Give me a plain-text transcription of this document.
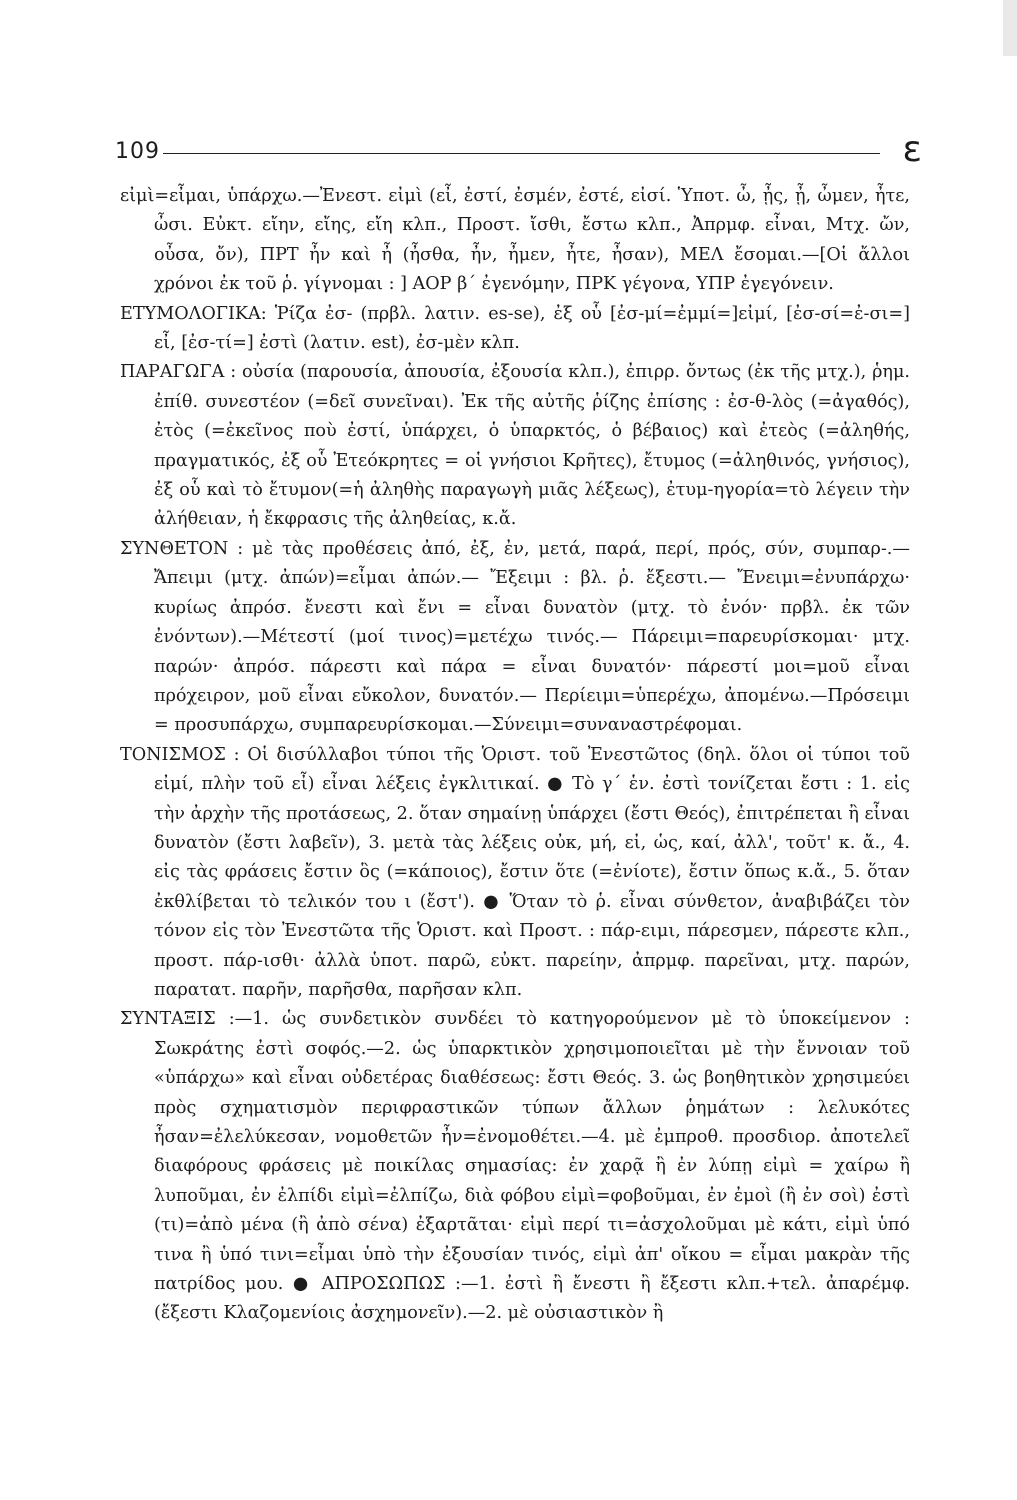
109	ε

εἰμὶ=εἶμαι, ὑπάρχω.—Ἐνεστ. εἰμὶ (εἶ, ἐστί, ἐσμέν, ἐστέ, εἰσί. Ὑποτ. ὦ, ᾖς, ᾖ, ὦμεν, ἦτε, ὦσι. Εὐκτ. εἴην, εἴης, εἴη κλπ., Προστ. ἴσθι, ἔστω κλπ., Ἀπρμφ. εἶναι, Μτχ. ὤν, οὖσα, ὄν), ΠΡΤ ἦν καὶ ἦ (ἦσθα, ἦν, ἦμεν, ἦτε, ἦσαν), ΜΕΛ ἔσομαι.—[Οἱ ἄλλοι χρόνοι ἐκ τοῦ ῥ. γίγνομαι : ] ΑΟΡ β΄ ἐγενόμην, ΠΡΚ γέγονα, ΥΠΡ ἐγεγόνειν.

ΕΤΥΜΟΛΟΓΙΚΑ: Ῥίζα ἐσ- (πρβλ. λατιν. es-se), ἐξ οὗ [ἐσ-μί=ἐμμί=]εἰμί, [ἐσ-σί=ἐ-σι=] εἶ, [ἐσ-τί=] ἐστὶ (λατιν. est), ἐσ-μὲν κλπ.

ΠΑΡΑΓΩΓΑ : οὐσία (παρουσία, ἀπουσία, ἐξουσία κλπ.), ἐπιρρ. ὄντως (ἐκ τῆς μτχ.), ῥημ. ἐπίθ. συνεστέον (=δεῖ συνεῖναι). Ἐκ τῆς αὐτῆς ῥίζης ἐπίσης : ἐσ-θ-λὸς (=ἀγαθός), ἐτὸς (=ἐκεῖνος ποὺ ἐστί, ὑπάρχει, ὁ ὑπαρκτός, ὁ βέβαιος) καὶ ἐτεὸς (=ἀληθής, πραγματικός, ἐξ οὗ Ἐτεόκρητες = οἱ γνήσιοι Κρῆτες), ἔτυμος (=ἀληθινός, γνήσιος), ἐξ οὗ καὶ τὸ ἔτυμον(=ἡ ἀληθὴς παραγωγὴ μιᾶς λέξεως), ἐτυμ-ηγορία=τὸ λέγειν τὴν ἀλήθειαν, ἡ ἔκφρασις τῆς ἀληθείας, κ.ἄ.

ΣΥΝΘΕΤΟΝ : μὲ τὰς προθέσεις ἀπό, ἐξ, ἐν, μετά, παρά, περί, πρός, σύν, συμπαρ-.—Ἄπειμι (μτχ. ἀπών)=εἶμαι ἀπών.— Ἔξειμι : βλ. ῥ. ἔξεστι.— Ἔνειμι=ἐνυπάρχω· κυρίως ἀπρόσ. ἔνεστι καὶ ἔνι = εἶναι δυνατὸν (μτχ. τὸ ἐνόν· πρβλ. ἐκ τῶν ἐνόντων).—Μέτεστί (μοί τινος)=μετέχω τινός.— Πάρειμι=παρευρίσκομαι· μτχ. παρών· ἀπρόσ. πάρεστι καὶ πάρα = εἶναι δυνατόν· πάρεστί μοι=μοῦ εἶναι πρόχειρον, μοῦ εἶναι εὔκολον, δυνατόν.— Περίειμι=ὑπερέχω, ἀπομένω.—Πρόσειμι = προσυπάρχω, συμπαρευρίσκομαι.—Σύνειμι=συναναστρέφομαι.

ΤΟΝΙΣΜΟΣ : Οἱ δισύλλαβοι τύποι τῆς Ὁριστ. τοῦ Ἐνεστῶτος (δηλ. ὅλοι οἱ τύποι τοῦ εἰμί, πλὴν τοῦ εἶ) εἶναι λέξεις ἐγκλιτικαί. ● Τὸ γ΄ ἑν. ἐστὶ τονίζεται ἔστι : 1. εἰς τὴν ἀρχὴν τῆς προτάσεως, 2. ὅταν σημαίνῃ ὑπάρχει (ἔστι Θεός), ἐπιτρέπεται ἢ εἶναι δυνατὸν (ἔστι λαβεῖν), 3. μετὰ τὰς λέξεις οὐκ, μή, εἰ, ὡς, καί, ἀλλ', τοῦτ' κ. ἄ., 4. εἰς τὰς φράσεις ἔστιν ὃς (=κάποιος), ἔστιν ὅτε (=ἐνίοτε), ἔστιν ὅπως κ.ἄ., 5. ὅταν ἐκθλίβεται τὸ τελικόν του ι (ἔστ'). ● Ὅταν τὸ ῥ. εἶναι σύνθετον, ἀναβιβάζει τὸν τόνον εἰς τὸν Ἐνεστῶτα τῆς Ὁριστ. καὶ Προστ. : πάρ-ειμι, πάρεσμεν, πάρεστε κλπ., προστ. πάρ-ισθι· ἀλλὰ ὑποτ. παρῶ, εὐκτ. παρείην, ἀπρμφ. παρεῖναι, μτχ. παρών, παρατατ. παρῆν, παρῆσθα, παρῆσαν κλπ.

ΣΥΝΤΑΞΙΣ :—1. ὡς συνδετικὸν συνδέει τὸ κατηγορούμενον μὲ τὸ ὑποκείμενον : Σωκράτης ἐστὶ σοφός.—2. ὡς ὑπαρκτικὸν χρησιμοποιεῖται μὲ τὴν ἔννοιαν τοῦ «ὑπάρχω» καὶ εἶναι οὐδετέρας διαθέσεως: ἔστι Θεός. 3. ὡς βοηθητικὸν χρησιμεύει πρὸς σχηματισμὸν περιφραστικῶν τύπων ἄλλων ῥημάτων : λελυκότες ἦσαν=ἐλελύκεσαν, νομοθετῶν ἦν=ἐνομοθέτει.—4. μὲ ἐμπροθ. προσδιορ. ἀποτελεῖ διαφόρους φράσεις μὲ ποικίλας σημασίας: ἐν χαρᾷ ἢ ἐν λύπῃ εἰμὶ = χαίρω ἢ λυποῦμαι, ἐν ἐλπίδι εἰμὶ=ἐλπίζω, διὰ φόβου εἰμὶ=φοβοῦμαι, ἐν ἐμοὶ (ἢ ἐν σοὶ) ἐστὶ (τι)=ἀπὸ μένα (ἢ ἀπὸ σένα) ἐξαρτᾶται· εἰμὶ περί τι=ἀσχολοῦμαι μὲ κάτι, εἰμὶ ὑπό τινα ἢ ὑπό τινι=εἶμαι ὑπὸ τὴν ἐξουσίαν τινός, εἰμὶ ἀπ' οἴκου = εἶμαι μακρὰν τῆς πατρίδος μου. ● ΑΠΡΟΣΩΠΩΣ :—1. ἐστὶ ἢ ἔνεστι ἢ ἔξεστι κλπ.+τελ. ἀπαρέμφ. (ἔξεστι Κλαζομενίοις ἀσχημονεῖν).—2. μὲ οὐσιαστικὸν ἢ
